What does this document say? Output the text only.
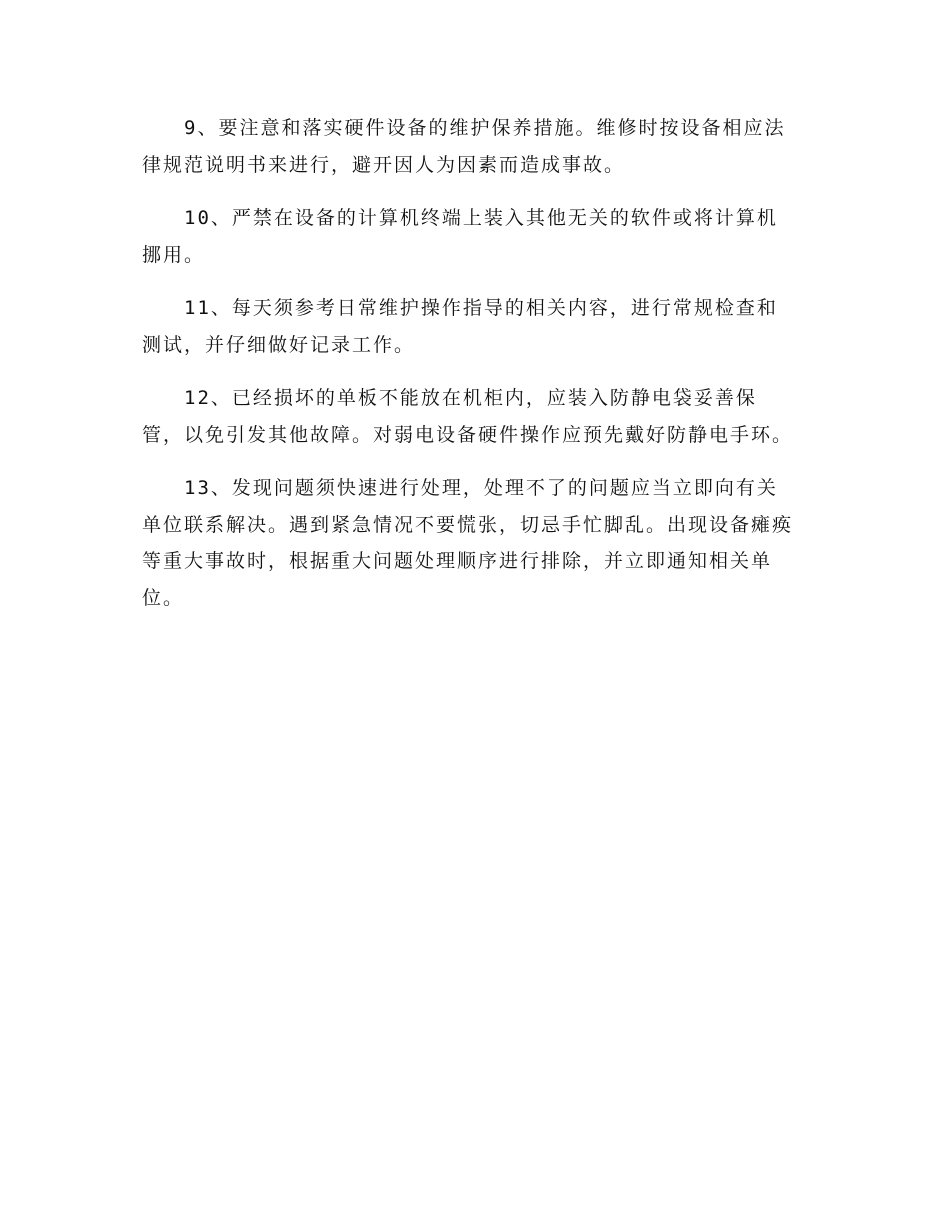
9、要注意和落实硬件设备的维护保养措施。维修时按设备相应法律规范说明书来进行，避开因人为因素而造成事故。

10、严禁在设备的计算机终端上装入其他无关的软件或将计算机挪用。

11、每天须参考日常维护操作指导的相关内容，进行常规检查和测试，并仔细做好记录工作。

12、已经损坏的单板不能放在机柜内，应装入防静电袋妥善保管，以免引发其他故障。对弱电设备硬件操作应预先戴好防静电手环。

13、发现问题须快速进行处理，处理不了的问题应当立即向有关单位联系解决。遇到紧急情况不要慌张，切忌手忙脚乱。出现设备瘫痪等重大事故时，根据重大问题处理顺序进行排除，并立即通知相关单位。
